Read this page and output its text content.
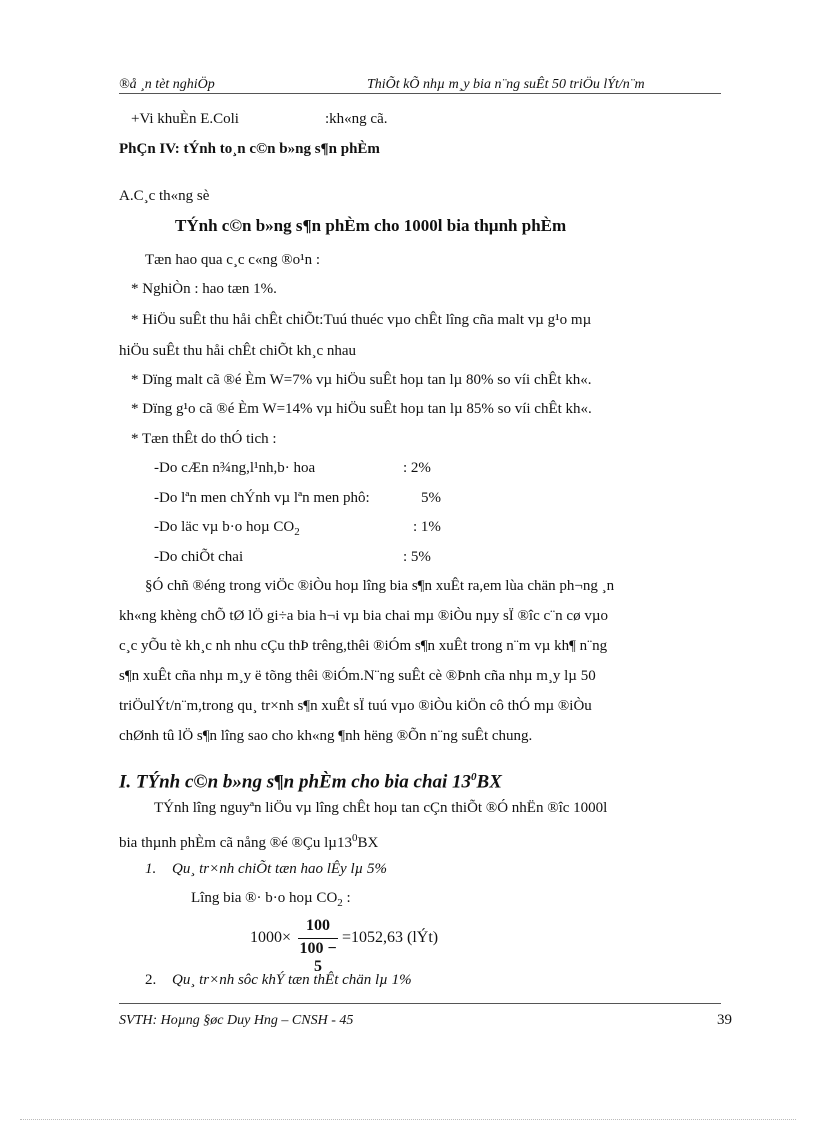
®å ¸n tèt nghiÖp	ThiÕt kÕ nhµ m¸y bia n¨ng suÊt 50 triÖu lÝt/n¨m
+Vi khuÈn E.Coli	:kh«ng cã.
PhÇn IV: tÝnh to¸n c©n b»ng s¶n phÈm
A.C¸c th«ng sè
TÝnh c©n b»ng s¶n phÈm cho 1000l bia thµnh phÈm
Tæn hao qua c¸c c«ng ®o¹n :
* NghiÒn : hao tæn 1%.
* HiÖu suÊt thu håi chÊt chiÕt:Tuú thuéc vµo chÊt lîng cña malt vµ g¹o mµ
hiÖu suÊt thu håi chÊt chiÕt kh¸c nhau
* Dïng malt cã ®é Èm W=7% vµ hiÖu suÊt hoµ tan lµ 80% so víi chÊt kh«.
* Dïng g¹o cã ®é Èm W=14% vµ hiÖu suÊt hoµ tan lµ 85% so víi chÊt kh«.
* Tæn thÊt do thÓ tich :
-Do cÆn n¾ng,l¹nh,b· hoa	: 2%
-Do lªn men chÝnh vµ lªn men phô:	5%
-Do läc vµ b·o hoµ $CO_2$	: 1%
-Do chiÕt chai	: 5%
§Ó chñ ®éng trong viÖc ®iÒu hoµ lîng bia s¶n xuÊt ra,em lùa chän ph¬ng ¸n
kh«ng khèng chÕ tØ lÖ gi÷a bia h¬i vµ bia chai mµ ®iÒu nµy sÏ ®îc c¨n cø vµo
c¸c yÕu tè kh¸c nh nhu cÇu thÞ trêng,thêi ®iÓm s¶n xuÊt trong n¨m vµ kh¶ n¨ng
s¶n xuÊt cña nhµ m¸y ë tõng thêi ®iÓm.N¨ng suÊt cè ®Þnh cña nhµ m¸y lµ 50
triÖulÝt/n¨m,trong qu¸ tr×nh s¶n xuÊt sÏ tuú vµo ®iÒu kiÖn cô thÓ mµ ®iÒu
chØnh tû lÖ s¶n lîng sao cho kh«ng ¶nh hëng ®Õn n¨ng suÊt chung.
I. TÝnh c©n b»ng s¶n phÈm cho bia chai $13^0BX$
TÝnh lîng nguyªn liÖu vµ lîng chÊt hoµ tan cÇn thiÕt ®Ó nhËn ®îc 1000l
bia thµnh phÈm cã nång ®é ®Çu $l\mu 13^0BX$
1. Qu¸ tr×nh chiÕt tæn hao lÊy lµ 5%
Lîng bia ®· b·o hoµ $CO_2$ :
1000×
100
100 − 5
=1052,63 (lÝt)
2. Qu¸ tr×nh sôc khÝ tæn thÊt chän lµ 1%
SVTH: Hoµng §øc Duy Hng – CNSH - 45	39
